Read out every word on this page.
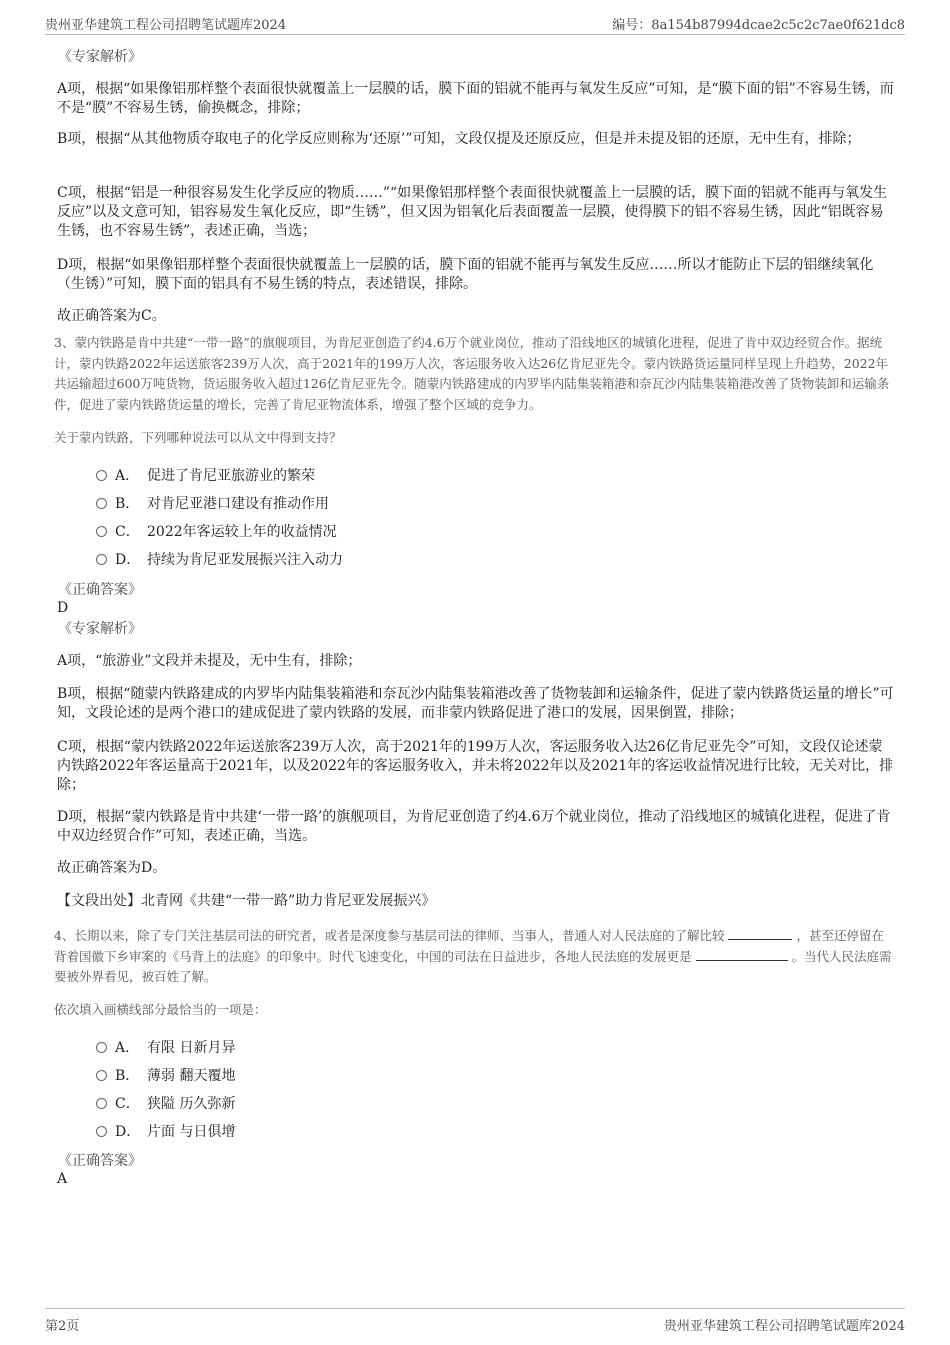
贵州亚华建筑工程公司招聘笔试题库2024	编号：8a154b87994dcae2c5c2c7ae0f621dc8

《专家解析》

A项，根据“如果像铝那样整个表面很快就覆盖上一层膜的话，膜下面的铝就不能再与氧发生反应”可知，是“膜下面的铝”不容易生锈，而不是“膜”不容易生锈，偷换概念，排除；

B项，根据“从其他物质夺取电子的化学反应则称为‘还原’”可知，文段仅提及还原反应，但是并未提及铝的还原，无中生有，排除；

C项，根据“铝是一种很容易发生化学反应的物质……”“如果像铝那样整个表面很快就覆盖上一层膜的话，膜下面的铝就不能再与氧发生反应”以及文意可知，铝容易发生氧化反应，即“生锈”，但又因为铝氧化后表面覆盖一层膜，使得膜下的铝不容易生锈，因此“铝既容易生锈，也不容易生锈”，表述正确，当选；

D项，根据“如果像铝那样整个表面很快就覆盖上一层膜的话，膜下面的铝就不能再与氧发生反应……所以才能防止下层的铝继续氧化（生锈）”可知，膜下面的铝具有不易生锈的特点，表述错误，排除。

故正确答案为C。

3、蒙内铁路是肯中共建“一带一路”的旗舰项目，为肯尼亚创造了约4.6万个就业岗位，推动了沿线地区的城镇化进程，促进了肯中双边经贸合作。据统计，蒙内铁路2022年运送旅客239万人次，高于2021年的199万人次，客运服务收入达26亿肯尼亚先令。蒙内铁路货运量同样呈现上升趋势，2022年共运输超过600万吨货物，货运服务收入超过126亿肯尼亚先令。随蒙内铁路建成的内罗毕内陆集装箱港和奈瓦沙内陆集装箱港改善了货物装卸和运输条件，促进了蒙内铁路货运量的增长，完善了肯尼亚物流体系，增强了整个区域的竞争力。

关于蒙内铁路，下列哪种说法可以从文中得到支持？

A． 促进了肯尼亚旅游业的繁荣
B． 对肯尼亚港口建设有推动作用
C． 2022年客运较上年的收益情况
D． 持续为肯尼亚发展振兴注入动力

《正确答案》

D

《专家解析》

A项，“旅游业”文段并未提及，无中生有，排除；

B项，根据“随蒙内铁路建成的内罗毕内陆集装箱港和奈瓦沙内陆集装箱港改善了货物装卸和运输条件，促进了蒙内铁路货运量的增长”可知，文段论述的是两个港口的建成促进了蒙内铁路的发展，而非蒙内铁路促进了港口的发展，因果倒置，排除；

C项，根据“蒙内铁路2022年运送旅客239万人次，高于2021年的199万人次，客运服务收入达26亿肯尼亚先令”可知，文段仅论述蒙内铁路2022年客运量高于2021年，以及2022年的客运服务收入，并未将2022年以及2021年的客运收益情况进行比较，无关对比，排除；

D项，根据“蒙内铁路是肯中共建‘一带一路’的旗舰项目，为肯尼亚创造了约4.6万个就业岗位，推动了沿线地区的城镇化进程，促进了肯中双边经贸合作”可知，表述正确，当选。

故正确答案为D。

【文段出处】北青网《共建“一带一路”助力肯尼亚发展振兴》

4、长期以来，除了专门关注基层司法的研究者，或者是深度参与基层司法的律师、当事人，普通人对人民法庭的了解比较	，甚至还停留在背着国徽下乡审案的《马背上的法庭》的印象中。时代飞速变化，中国的司法在日益进步，各地人民法庭的发展更是	。当代人民法庭需要被外界看见，被百姓了解。

依次填入画横线部分最恰当的一项是：

A． 有限 日新月异
B． 薄弱 翻天覆地
C． 狭隘 历久弥新
D． 片面 与日俱增

《正确答案》

A

第2页	贵州亚华建筑工程公司招聘笔试题库2024
